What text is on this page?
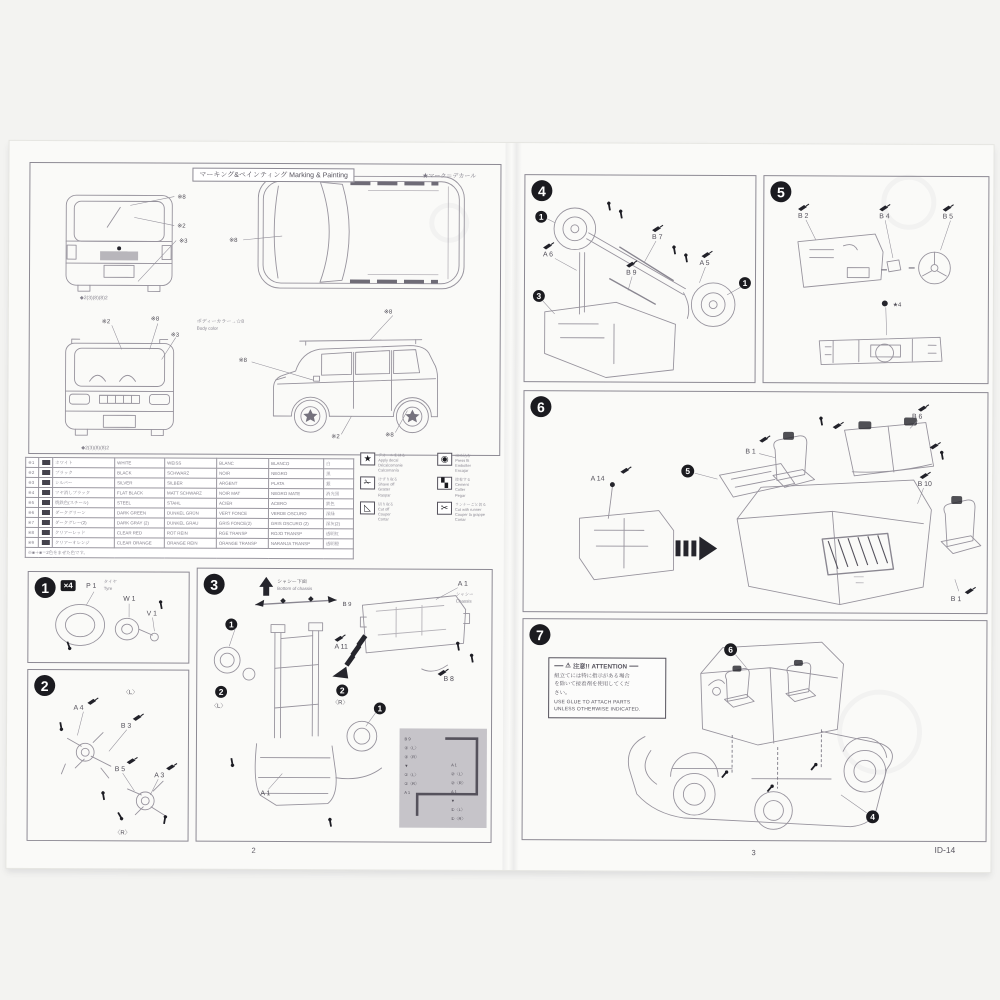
※8
※2
※3
◆2(3)(8)(8)2
※8
ボディーカラー→☆8
Body color
※2	※8
※3
◆2(3)(8)(8)2
※8
※8
※2	※8
マーキング&ペインティング Marking & Painting	★マーク＝デカール
※1		ホワイト	WHITE	WEISS	BLANC	BLANCO	白
※2		ブラック	BLACK	SCHWARZ	NOIR	NEGRO	黒
※3		シルバー	SILVER	SILBER	ARGENT	PLATA	銀
※4		ツヤ消しブラック	FLAT BLACK	MATT SCHWARZ	NOIR MAT	NEGRO MATE	消光黒
※5		焼鉄色(スチール)	STEEL	STAHL	ACIER	ACERO	鉄色
※6		ダークグリーン	DARK GREEN	DUNKEL GRÜN	VERT FONCE	VERDE OSCURO	深緑
※7		ダークグレー(2)	DARK GRAY (2)	DUNKEL GRAU	GRIS FONCE(2)	GRIS OSCURO (2)	深灰(2)
※8		クリアーレッド	CLEAR RED	ROT REIN	RGE TRANSP	ROJO TRANSP	透明紅
※9		クリアーオレンジ	CLEAR ORANGE	ORANGE REIN	ORANGE TRANSP	NARANJA TRANSP	透明橙
※■＋■＝2色をまぜた色です。							
★	デカールをはる
Apply decal
Décalcomanie
Calcomanía
◉	はめ込む
Press fit
Emboîter
Encajar
✁	けずり取る
Shave off
Gratter
Raspar
▚	接着する
Cement
Coller
Pegar
◺	切り取る
Cut off
Couper
Cortar
✂	ランナーごと切る
Cut with runner
Couper la grappe
Cortar
1	×4	P 1
タイヤ
Tyre
W 1
V 1
2	〈L〉
A 4
B 3
B 5
A 3
〈R〉
3	シャシー下面
Bottom of chassis
B 9
A 1
シャシー
Chassis
B 8
A 11
1
2
〈L〉
2
〈R〉
1
A 1
B 9
②〈L〉
②〈R〉
▼
①〈L〉
①〈R〉
A 1
A 1
②〈L〉
②〈R〉
A 1
▼
①〈L〉
①〈R〉
2
4
1
A 6
B 7
B 9
A 5
1
3
5
B 2	B 4	B 5
★4
6
A 14
5
B 1
B 6
B 10
B 1
7
⚠ 注意!! ATTENTION
組立てには特に指示がある場合
を除いて接着剤を使用してくだ
さい。
USE GLUE TO ATTACH PARTS
UNLESS OTHERWISE INDICATED.
6
4
3	ID-14
